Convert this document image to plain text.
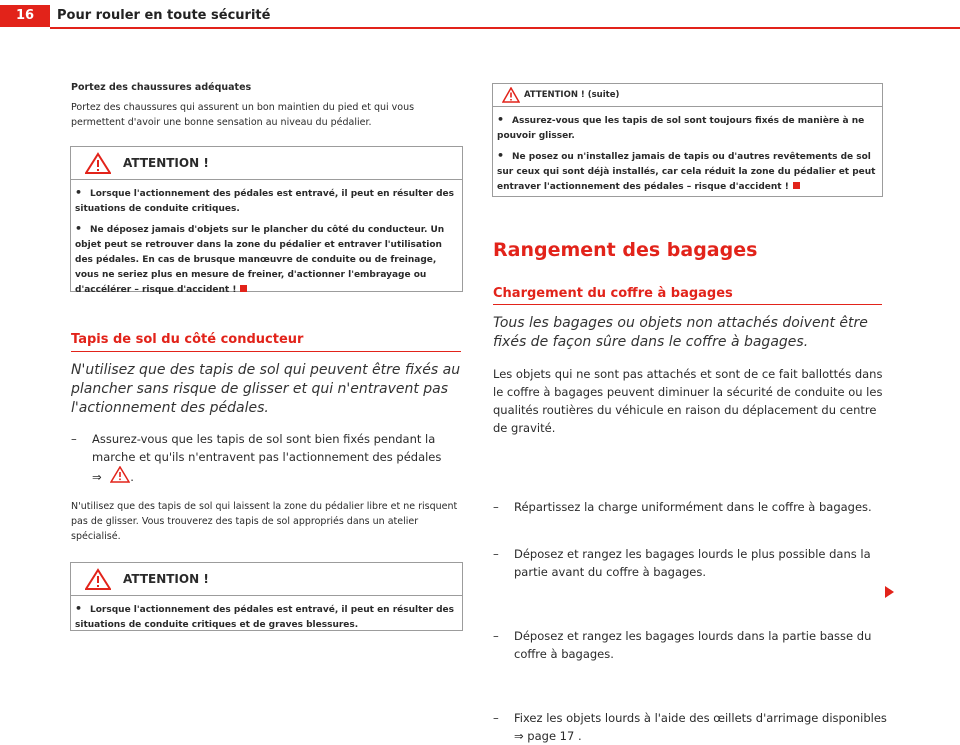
16	Pour rouler en toute sécurité
Portez des chaussures adéquates
Portez des chaussures qui assurent un bon maintien du pied et qui vous permettent d'avoir une bonne sensation au niveau du pédalier.
ATTENTION !
• Lorsque l'actionnement des pédales est entravé, il peut en résulter des situations de conduite critiques.
• Ne déposez jamais d'objets sur le plancher du côté du conducteur. Un objet peut se retrouver dans la zone du pédalier et entraver l'utilisation des pédales. En cas de brusque manœuvre de conduite ou de freinage, vous ne seriez plus en mesure de freiner, d'actionner l'embrayage ou d'accélérer – risque d'accident !
Tapis de sol du côté conducteur
N'utilisez que des tapis de sol qui peuvent être fixés au plancher sans risque de glisser et qui n'entravent pas l'actionnement des pédales.
– Assurez-vous que les tapis de sol sont bien fixés pendant la marche et qu'ils n'entravent pas l'actionnement des pédales
⇒ .
N'utilisez que des tapis de sol qui laissent la zone du pédalier libre et ne risquent pas de glisser. Vous trouverez des tapis de sol appropriés dans un atelier spécialisé.
ATTENTION !
• Lorsque l'actionnement des pédales est entravé, il peut en résulter des situations de conduite critiques et de graves blessures.
ATTENTION ! (suite)
• Assurez-vous que les tapis de sol sont toujours fixés de manière à ne pouvoir glisser.
• Ne posez ou n'installez jamais de tapis ou d'autres revêtements de sol sur ceux qui sont déjà installés, car cela réduit la zone du pédalier et peut entraver l'actionnement des pédales – risque d'accident !
Rangement des bagages
Chargement du coffre à bagages
Tous les bagages ou objets non attachés doivent être fixés de façon sûre dans le coffre à bagages.
Les objets qui ne sont pas attachés et sont de ce fait ballottés dans le coffre à bagages peuvent diminuer la sécurité de conduite ou les qualités routières du véhicule en raison du déplacement du centre de gravité.
– Répartissez la charge uniformément dans le coffre à bagages.
– Déposez et rangez les bagages lourds le plus possible dans la partie avant du coffre à bagages.
– Déposez et rangez les bagages lourds dans la partie basse du coffre à bagages.
– Fixez les objets lourds à l'aide des œillets d'arrimage disponibles ⇒ page 17 .
